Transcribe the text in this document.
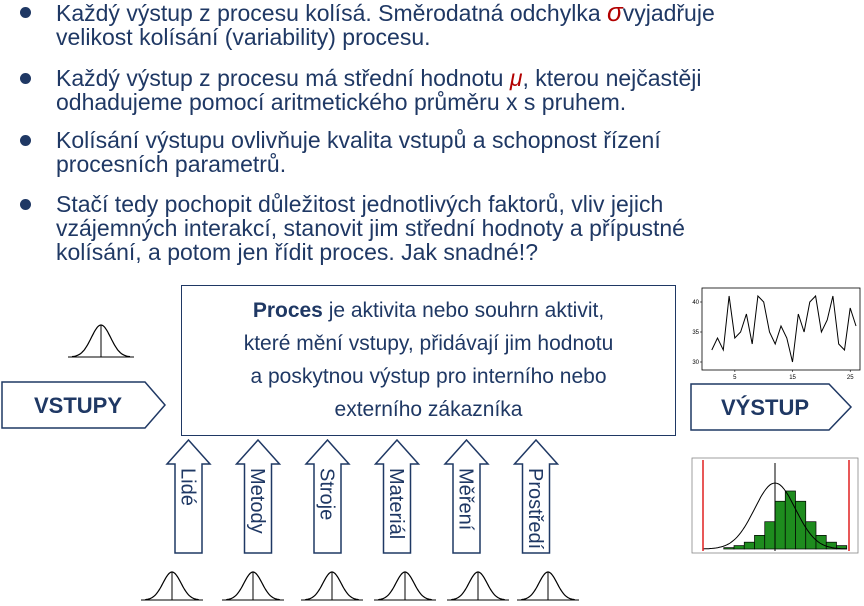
Každý výstup z procesu kolísá. Směrodatná odchylka σvyjadřuje
velikost kolísání (variability) procesu.
Každý výstup z procesu má střední hodnotu μ, kterou nejčastěji
odhadujeme pomocí aritmetického průměru x s pruhem.
Kolísání výstupu ovlivňuje kvalita vstupů a schopnost řízení
procesních parametrů.
Stačí tedy pochopit důležitost jednotlivých faktorů, vliv jejich
vzájemných interakcí, stanovit jim střední hodnoty a přípustné
kolísání, a potom jen řídit proces. Jak snadné!?
Proces je aktivita nebo souhrn aktivit,
které mění vstupy, přidávají jim hodnotu
a poskytnou výstup pro interního nebo
externího zákazníka
VSTUPY	VÝSTUP
Lidé Metody Stroje Materiál Měření Prostředí
30
35
40
5	15	25
